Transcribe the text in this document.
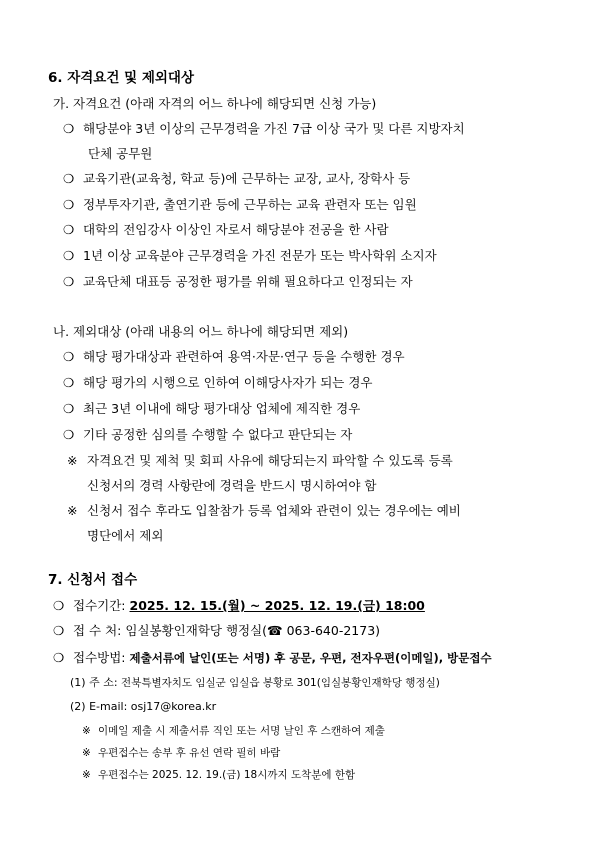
6. 자격요건 및 제외대상
가. 자격요건 (아래 자격의 어느 하나에 해당되면 신청 가능)
❍ 해당분야 3년 이상의 근무경력을 가진 7급 이상 국가 및 다른 지방자치
단체 공무원
❍ 교육기관(교육청, 학교 등)에 근무하는 교장, 교사, 장학사 등
❍ 정부투자기관, 출연기관 등에 근무하는 교육 관련자 또는 임원
❍ 대학의 전임강사 이상인 자로서 해당분야 전공을 한 사람
❍ 1년 이상 교육분야 근무경력을 가진 전문가 또는 박사학위 소지자
❍ 교육단체 대표등 공정한 평가를 위해 필요하다고 인정되는 자
나. 제외대상 (아래 내용의 어느 하나에 해당되면 제외)
❍ 해당 평가대상과 관련하여 용역·자문·연구 등을 수행한 경우
❍ 해당 평가의 시행으로 인하여 이해당사자가 되는 경우
❍ 최근 3년 이내에 해당 평가대상 업체에 제직한 경우
❍ 기타 공정한 심의를 수행할 수 없다고 판단되는 자
※ 자격요건 및 제척 및 회피 사유에 해당되는지 파악할 수 있도록 등록
신청서의 경력 사항란에 경력을 반드시 명시하여야 함
※ 신청서 접수 후라도 입찰참가 등록 업체와 관련이 있는 경우에는 예비
명단에서 제외
7. 신청서 접수
❍ 접수기간: 2025. 12. 15.(월) ~ 2025. 12. 19.(금) 18:00
❍ 접 수 처: 임실봉황인재학당 행정실(☎ 063-640-2173)
❍ 접수방법: 제출서류에 날인(또는 서명) 후 공문, 우편, 전자우편(이메일), 방문접수
(1) 주 소: 전북특별자치도 임실군 임실읍 봉황로 301(임실봉황인재학당 행정실)
(2) E-mail: osj17@korea.kr
※ 이메일 제출 시 제출서류 직인 또는 서명 날인 후 스캔하여 제출
※ 우편접수는 송부 후 유선 연락 필히 바람
※ 우편접수는 2025. 12. 19.(금) 18시까지 도착분에 한함
